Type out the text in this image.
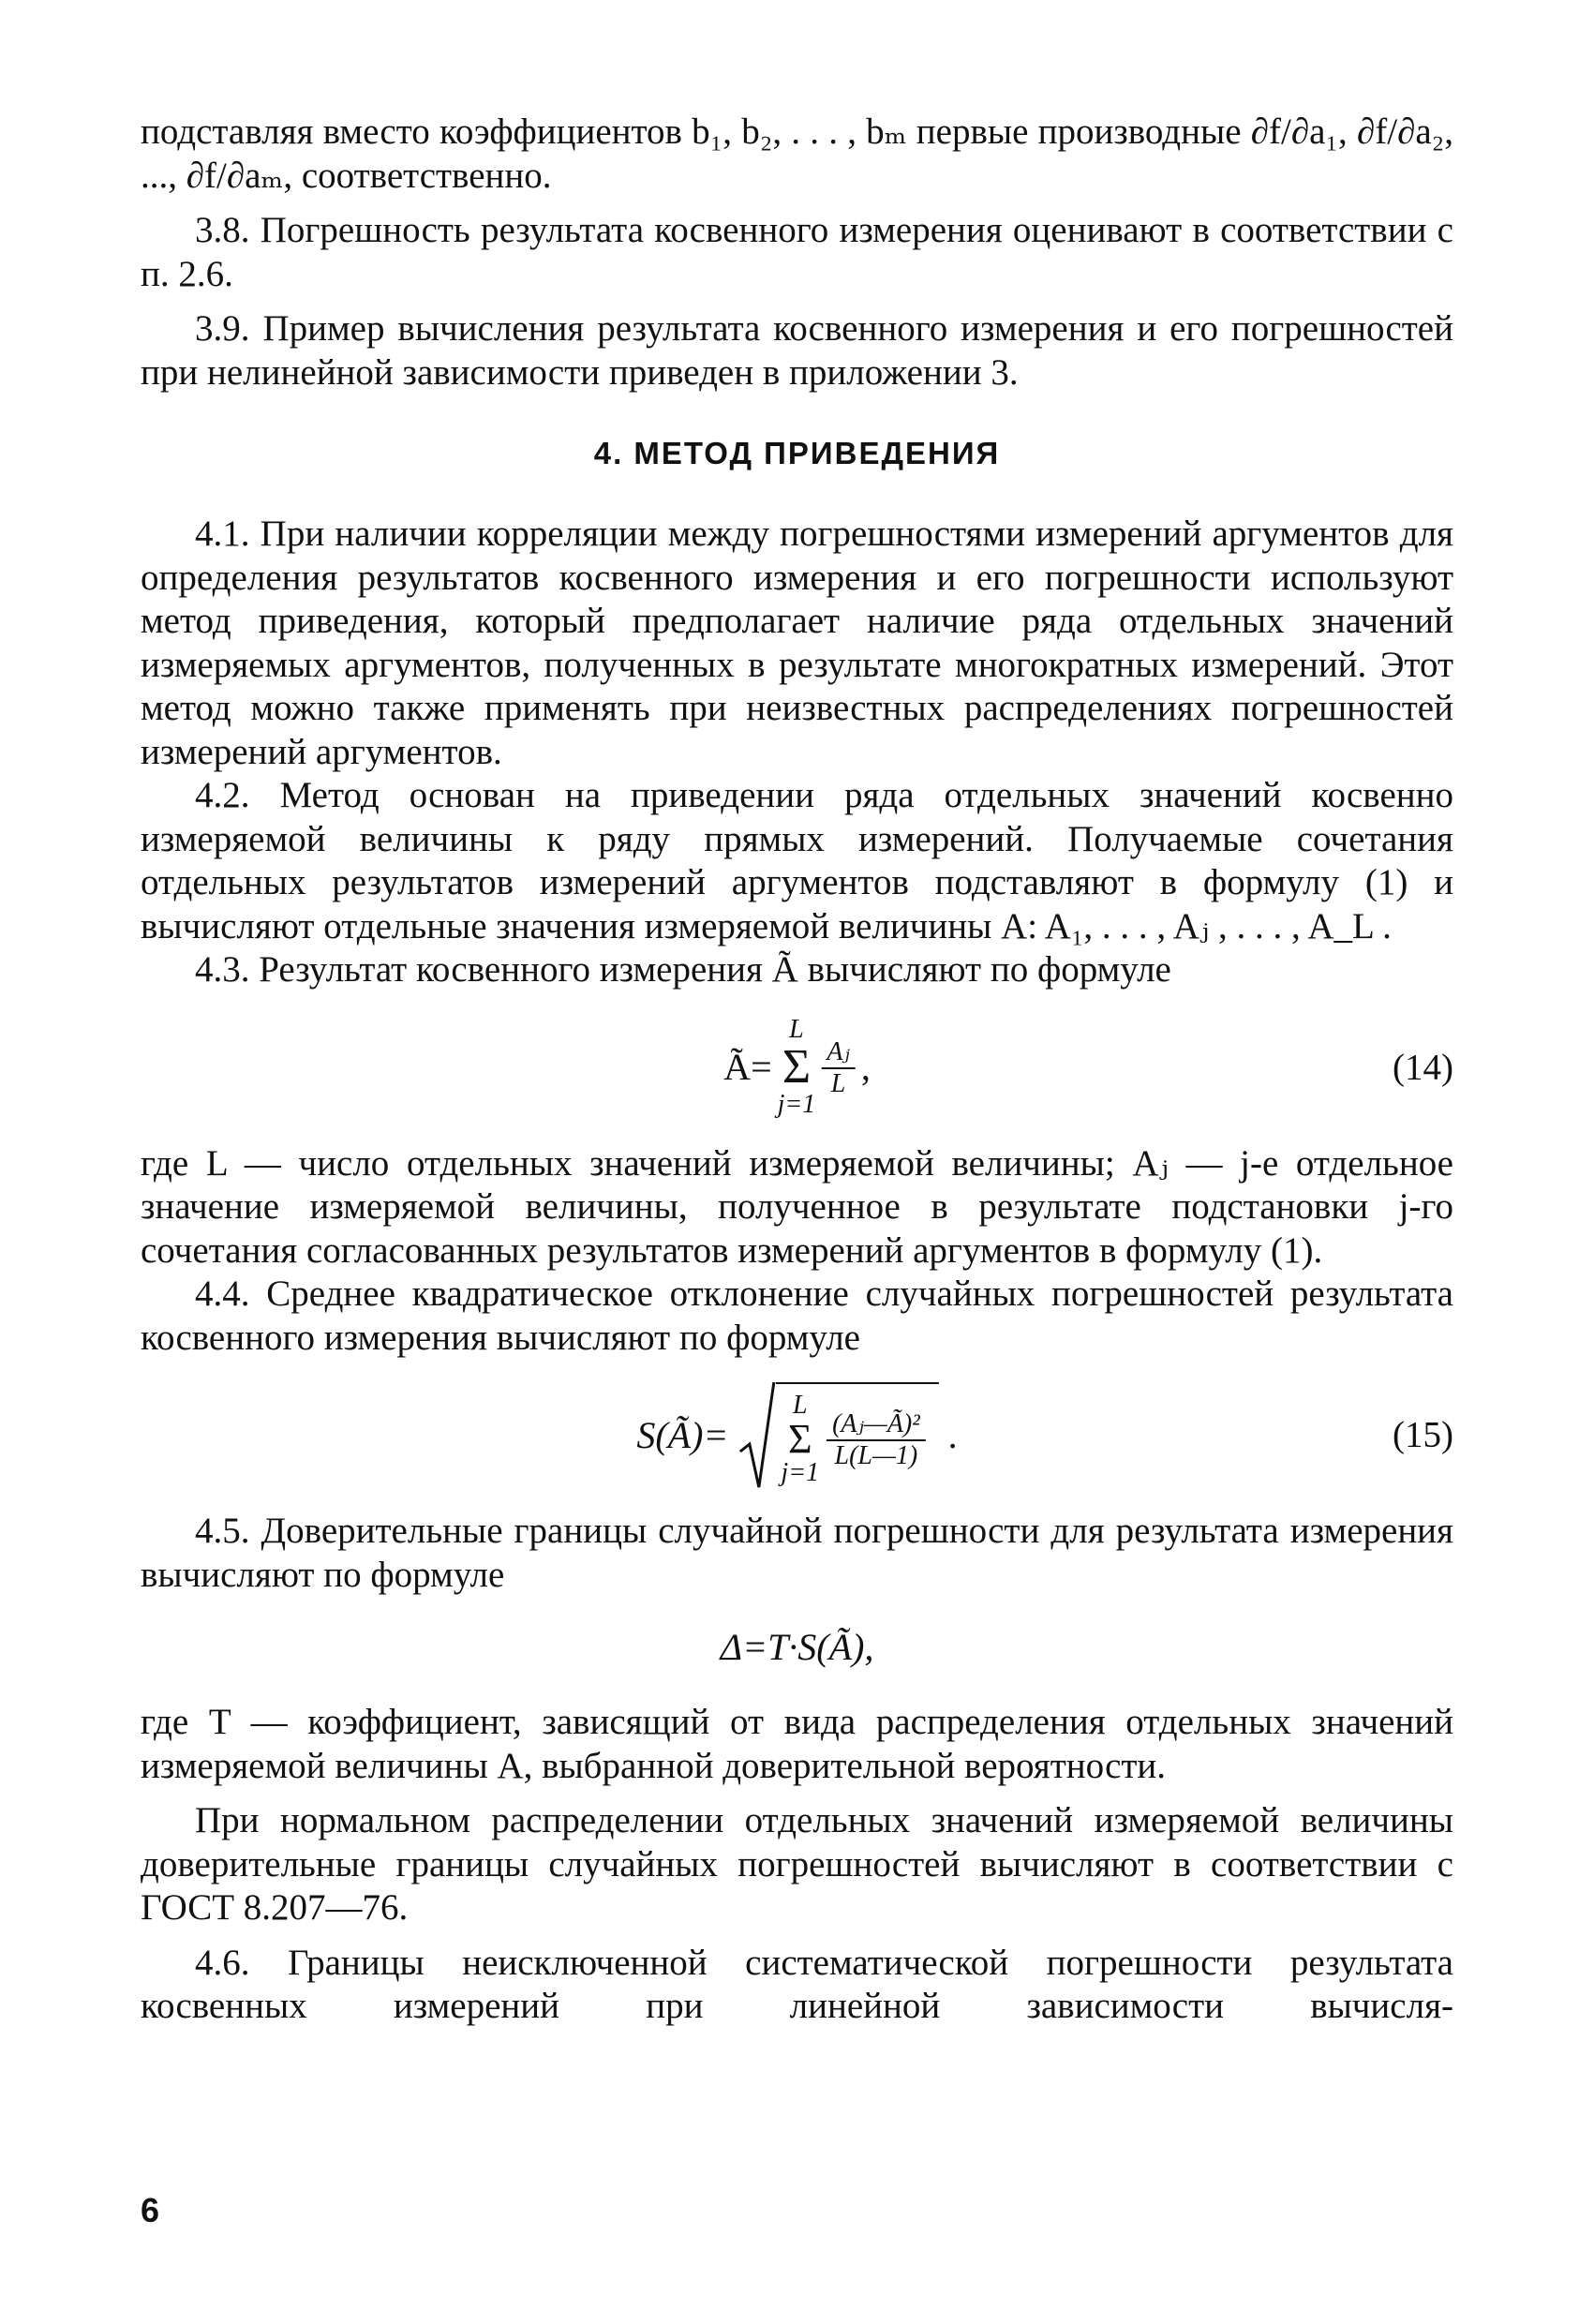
подставляя вместо коэффициентов b₁, b₂, . . . , bₘ первые производные ∂f/∂a₁, ∂f/∂a₂, ..., ∂f/∂aₘ, соответственно.

3.8. Погрешность результата косвенного измерения оценивают в соответствии с п. 2.6.

3.9. Пример вычисления результата косвенного измерения и его погрешностей при нелинейной зависимости приведен в приложении 3.

4. МЕТОД ПРИВЕДЕНИЯ

4.1. При наличии корреляции между погрешностями измерений аргументов для определения результатов косвенного измерения и его погрешности используют метод приведения, который предполагает наличие ряда отдельных значений измеряемых аргументов, полученных в результате многократных измерений. Этот метод можно также применять при неизвестных распределениях погрешностей измерений аргументов.

4.2. Метод основан на приведении ряда отдельных значений косвенно измеряемой величины к ряду прямых измерений. Получаемые сочетания отдельных результатов измерений аргументов подставляют в формулу (1) и вычисляют отдельные значения измеряемой величины A: A₁, . . . , Aⱼ , . . . , A_L .

4.3. Результат косвенного измерения Ã вычисляют по формуле

Ã=
L
Σ
j=1
$\frac{\text{Aⱼ}}{L}$ ,	(14)

где L — число отдельных значений измеряемой величины; Aⱼ — j-е отдельное значение измеряемой величины, полученное в результате подстановки j-го сочетания согласованных результатов измерений аргументов в формулу (1).

4.4. Среднее квадратическое отклонение случайных погрешностей результата косвенного измерения вычисляют по формуле

S(Ã)=
L
Σ
j=1
$\frac{\text{(Aⱼ—Ã)²}}{L(L—1)}$ .	(15)

4.5. Доверительные границы случайной погрешности для результата измерения вычисляют по формуле

Δ=T·S(Ã),

где T — коэффициент, зависящий от вида распределения отдельных значений измеряемой величины A, выбранной доверительной вероятности.

При нормальном распределении отдельных значений измеряемой величины доверительные границы случайных погрешностей вычисляют в соответствии с ГОСТ 8.207—76.

4.6. Границы неисключенной систематической погрешности результата косвенных измерений при линейной зависимости вычисля-

6
